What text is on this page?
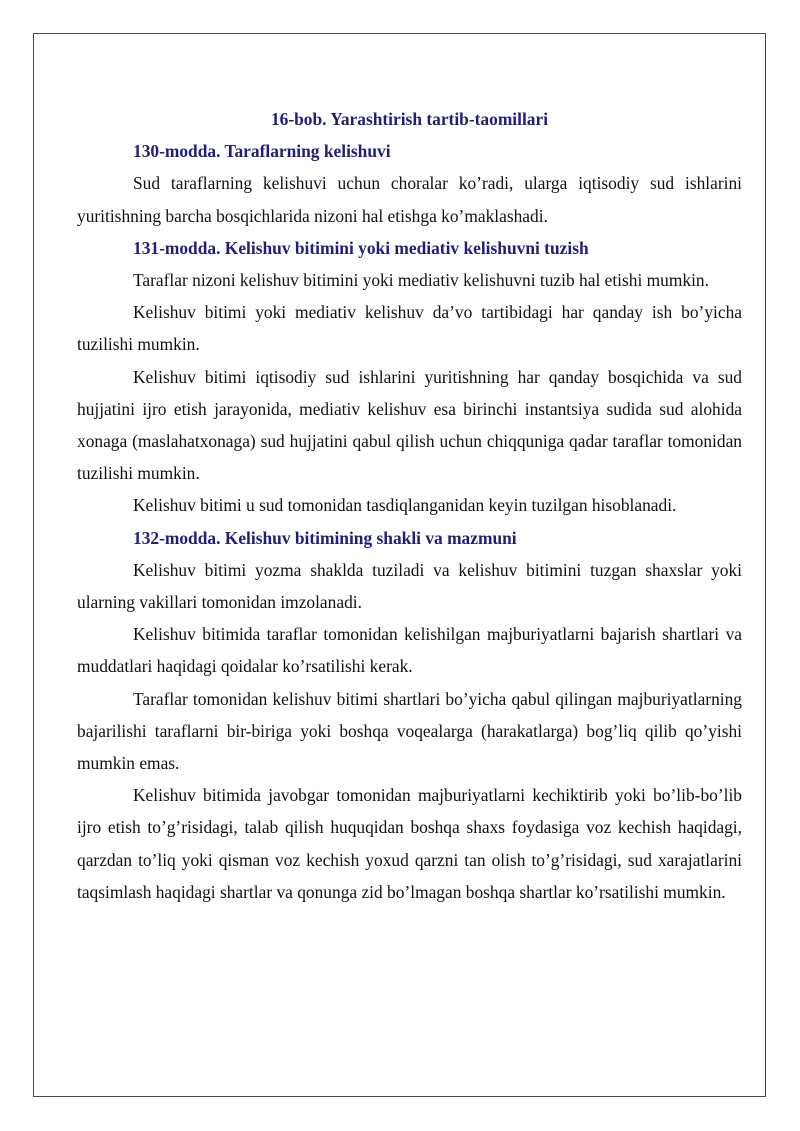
16-bob. Yarashtirish tartib-taomillari

130-modda. Taraflarning kelishuvi

Sud taraflarning kelishuvi uchun choralar ko’radi, ularga iqtisodiy sud ishlarini yuritishning barcha bosqichlarida nizoni hal etishga ko’maklashadi.

131-modda. Kelishuv bitimini yoki mediativ kelishuvni tuzish

Taraflar nizoni kelishuv bitimini yoki mediativ kelishuvni tuzib hal etishi mumkin.

Kelishuv bitimi yoki mediativ kelishuv da’vo tartibidagi har qanday ish bo’yicha tuzilishi mumkin.

Kelishuv bitimi iqtisodiy sud ishlarini yuritishning har qanday bosqichida va sud hujjatini ijro etish jarayonida, mediativ kelishuv esa birinchi instantsiya sudida sud alohida xonaga (maslahatxonaga) sud hujjatini qabul qilish uchun chiqquniga qadar taraflar tomonidan tuzilishi mumkin.

Kelishuv bitimi u sud tomonidan tasdiqlanganidan keyin tuzilgan hisoblanadi.

132-modda. Kelishuv bitimining shakli va mazmuni

Kelishuv bitimi yozma shaklda tuziladi va kelishuv bitimini tuzgan shaxslar yoki ularning vakillari tomonidan imzolanadi.

Kelishuv bitimida taraflar tomonidan kelishilgan majburiyatlarni bajarish shartlari va muddatlari haqidagi qoidalar ko’rsatilishi kerak.

Taraflar tomonidan kelishuv bitimi shartlari bo’yicha qabul qilingan majburiyatlarning bajarilishi taraflarni bir-biriga yoki boshqa voqealarga (harakatlarga) bog’liq qilib qo’yishi mumkin emas.

Kelishuv bitimida javobgar tomonidan majburiyatlarni kechiktirib yoki bo’lib-bo’lib ijro etish to’g’risidagi, talab qilish huquqidan boshqa shaxs foydasiga voz kechish haqidagi, qarzdan to’liq yoki qisman voz kechish yoxud qarzni tan olish to’g’risidagi, sud xarajatlarini taqsimlash haqidagi shartlar va qonunga zid bo’lmagan boshqa shartlar ko’rsatilishi mumkin.
